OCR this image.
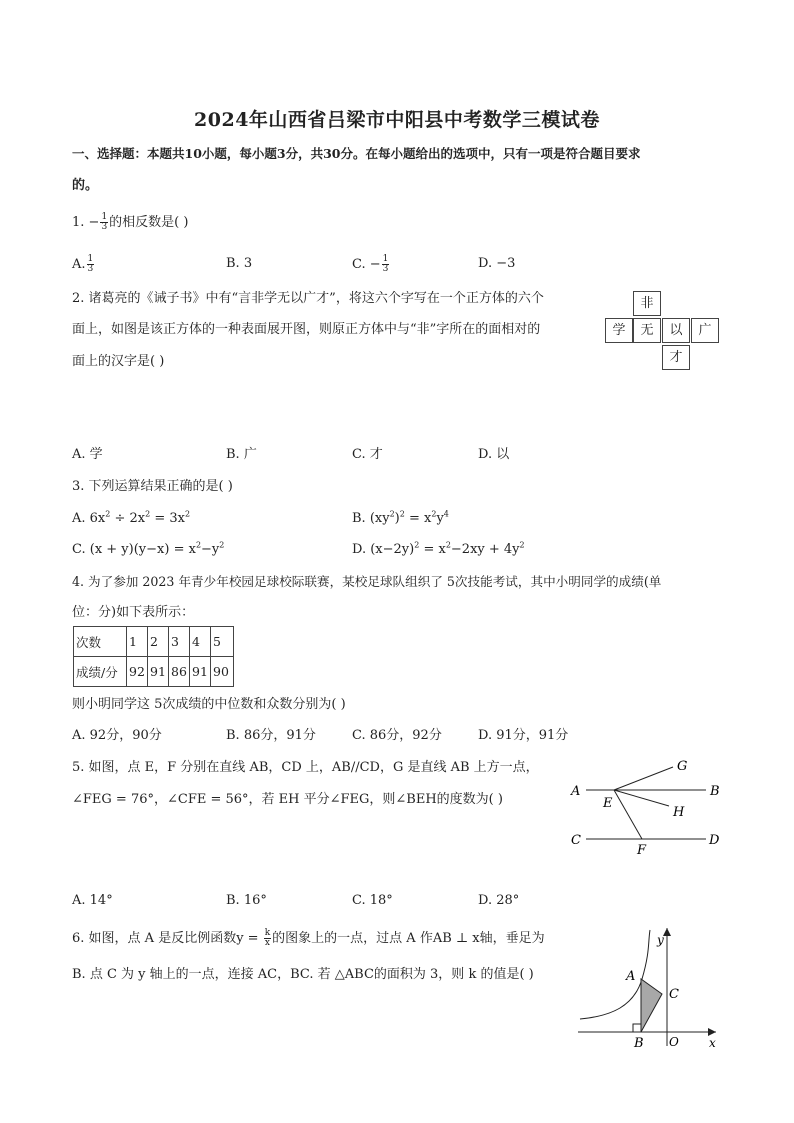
2024年山西省吕梁市中阳县中考数学三模试卷
一、选择题：本题共10小题，每小题3分，共30分。在每小题给出的选项中，只有一项是符合题目要求
的。
1. − $\frac{1}{3}$ 的相反数是( )
A. $\frac{1}{3}$	B. 3	C. − $\frac{1}{3}$	D. −3
2. 诸葛亮的《诫子书》中有“言非学无以广才”，将这六个字写在一个正方体的六个
面上，如图是该正方体的一种表面展开图，则原正方体中与“非”字所在的面相对的
面上的汉字是( )
非
学	无	以	广
才
A. 学	B. 广	C. 才	D. 以
3. 下列运算结果正确的是( )
A. $6x^2 \div 2x^2 = 3x^2$	B. $(xy^2)^2 = x^2y^4$
C. $(x + y)(y-x) = x^2-y^2$	D. $(x-2y)^2 = x^2-2xy + 4y^2$
4. 为了参加 2023 年青少年校园足球校际联赛，某校足球队组织了 5次技能考试，其中小明同学的成绩(单
位：分)如下表所示：
次数	1	2	3	4	5
成绩/分	92	91	86	91	90
则小明同学这 5次成绩的中位数和众数分别为( )
A. 92分，90分	B. 86分，91分	C. 86分，92分	D. 91分，91分
5. 如图，点 E，F 分别在直线 AB，CD 上，AB//CD，G 是直线 AB 上方一点，
∠FEG = 76°，∠CFE = 56°，若 EH 平分∠FEG，则∠BEH的度数为( )
A	B
C	D
E
F
G
H
A. 14°	B. 16°	C. 18°	D. 28°
6. 如图，点 A 是反比例函数$y = \frac{k}{x}$ 的图象上的一点，过点 A 作AB ⊥ x轴，垂足为
B. 点 C 为 y 轴上的一点，连接 AC，BC. 若 △ABC的面积为 3，则 k 的值是( )
y
x
A
B
C
O
